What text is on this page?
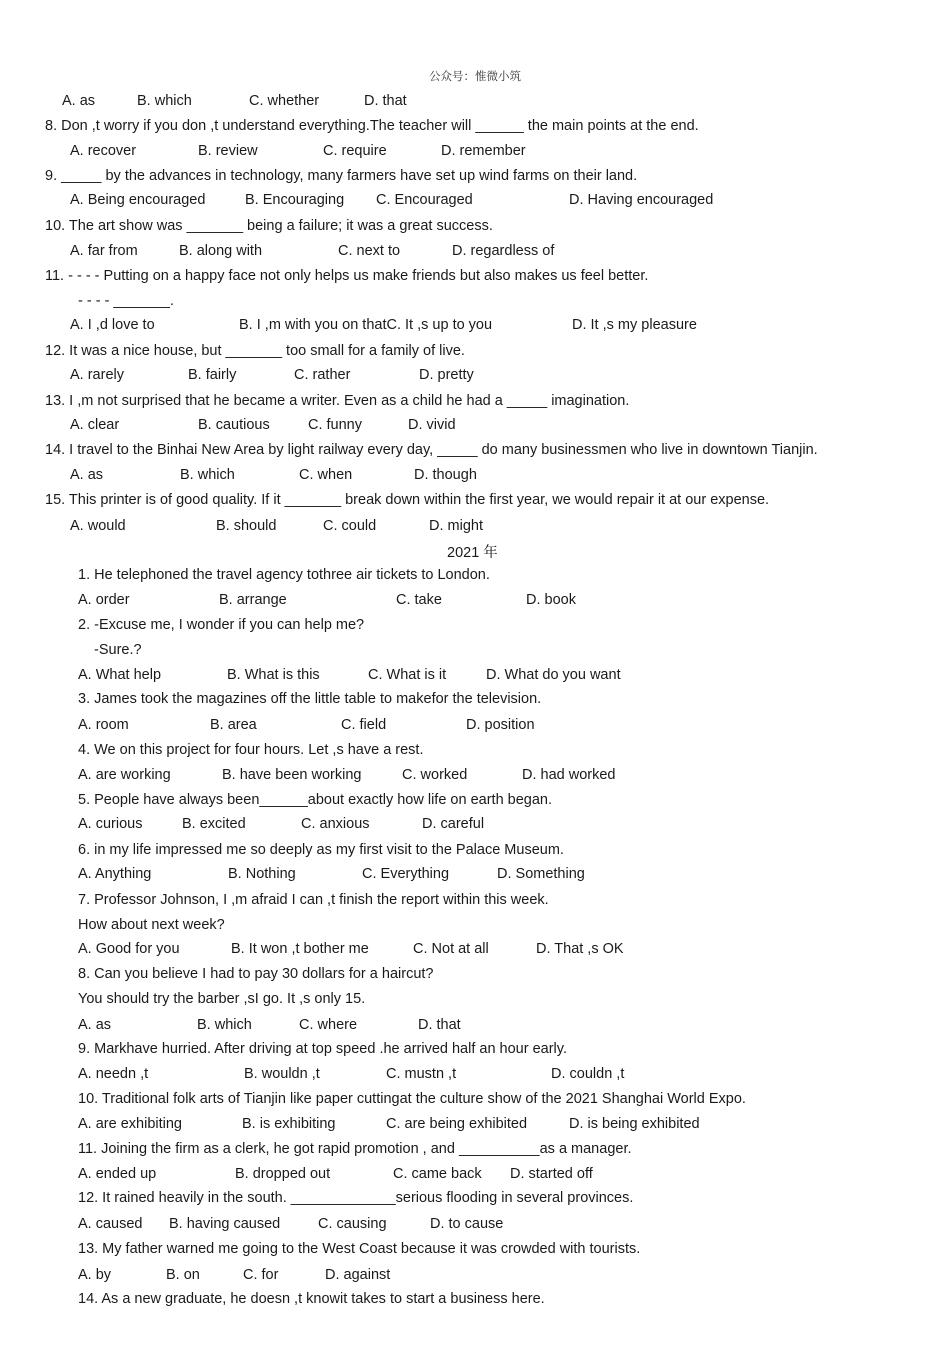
公众号：惟微小筑
A. as	B. which	C. whether	D. that
8. Don ,t worry if you don ,t understand everything.The teacher will ______ the main points at the end.
A. recover	B. review	C. require	D. remember
9. _____ by the advances in technology, many farmers have set up wind farms on their land.
A. Being encouraged	B. Encouraging C. Encouraged	D. Having encouraged
10. The art show was _______ being a failure; it was a great success.
A. far from	B. along with	C. next to	D. regardless of
11. - - - - Putting on a happy face not only helps us make friends but also makes us feel better.
- - - - _______.
A. I ,d love to	B. I ,m with you on thatC. It ,s up to you	D. It ,s my pleasure
12. It was a nice house, but _______ too small for a family of live.
A. rarely	B. fairly	C. rather	D. pretty
13. I ,m not surprised that he became a writer. Even as a child he had a _____ imagination.
A. clear	B. cautious	C. funny	D. vivid
14. I travel to the Binhai New Area by light railway every day, _____ do many businessmen who live in downtown Tianjin.
A. as	B. which	C. when	D. though
15. This printer is of good quality. If it _______ break down within the first year, we would repair it at our expense.
A. would	B. should	C. could	D. might
2021 年
1. He telephoned the travel agency tothree air tickets to London.
A. order	B. arrange	C. take	D. book
2. -Excuse me, I wonder if you can help me?
-Sure.?
A. What help	B. What is this	C. What is it	D. What do you want
3. James took the magazines off the little table to makefor the television.
A. room	B. area	C. field	D. position
4. We on this project for four hours. Let ,s have a rest.
A. are working	B. have been working	C. worked	D. had worked
5. People have always been______about exactly how life on earth began.
A. curious	B. excited	C. anxious	D. careful
6. in my life impressed me so deeply as my first visit to the Palace Museum.
A. Anything	B. Nothing	C. Everything	D. Something
7. Professor Johnson, I ,m afraid I can ,t finish the report within this week.
How about next week?
A. Good for you	B. It won ,t bother me	C. Not at all	D. That ,s OK
8. Can you believe I had to pay 30 dollars for a haircut?
You should try the barber ,sI go. It ,s only 15.
A. as	B. which	C. where	D. that
9. Markhave hurried. After driving at top speed .he arrived half an hour early.
A. needn ,t	B. wouldn ,t	C. mustn ,t	D. couldn ,t
10. Traditional folk arts of Tianjin like paper cuttingat the culture show of the 2021 Shanghai World Expo.
A. are exhibiting	B. is exhibiting	C. are being exhibited	D. is being exhibited
11. Joining the firm as a clerk, he got rapid promotion , and __________as a manager.
A. ended up	B. dropped out	C. came back D. started off
12. It rained heavily in the south. _____________serious flooding in several provinces.
A. caused B. having caused	C. causing	D. to cause
13. My father warned me going to the West Coast because it was crowded with tourists.
A. by	B. on	C. for	D. against
14. As a new graduate, he doesn ,t knowit takes to start a business here.
